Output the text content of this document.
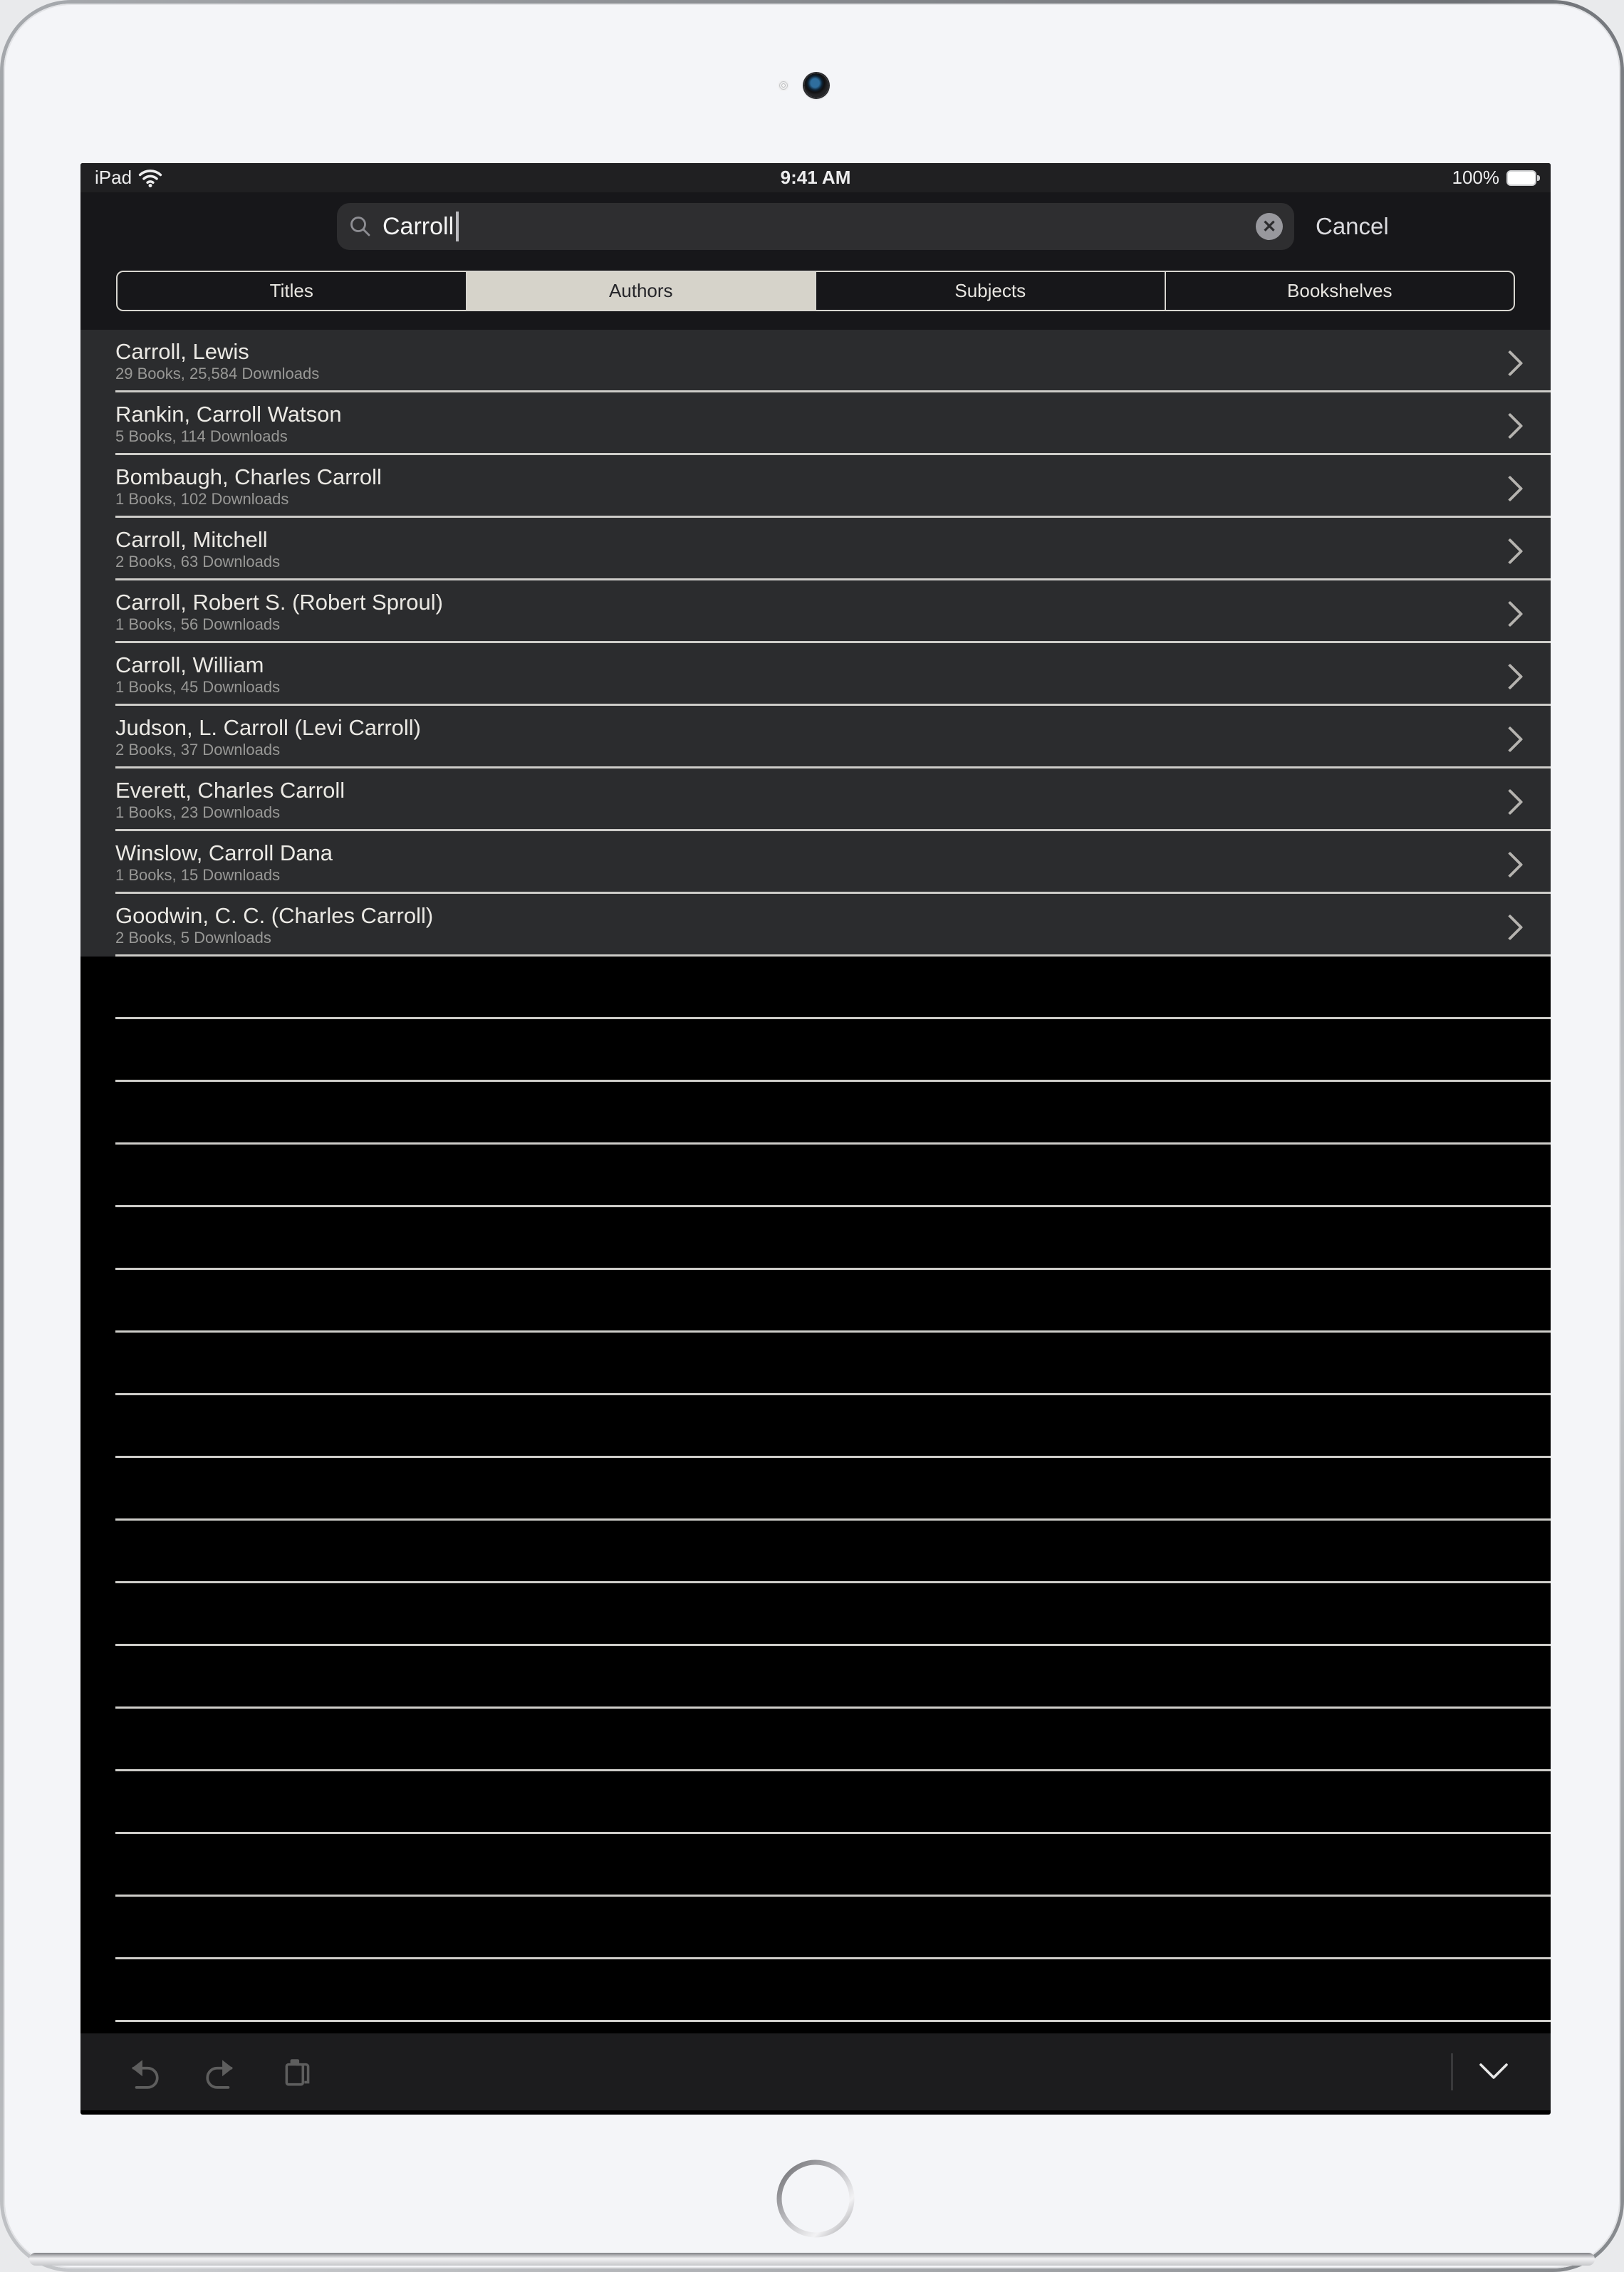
iPad	9:41 AM	100%
Carroll	✕ Cancel
Titles	Authors	Subjects	Bookshelves
Carroll, Lewis
29 Books, 25,584 Downloads
Rankin, Carroll Watson
5 Books, 114 Downloads
Bombaugh, Charles Carroll
1 Books, 102 Downloads
Carroll, Mitchell
2 Books, 63 Downloads
Carroll, Robert S. (Robert Sproul)
1 Books, 56 Downloads
Carroll, William
1 Books, 45 Downloads
Judson, L. Carroll (Levi Carroll)
2 Books, 37 Downloads
Everett, Charles Carroll
1 Books, 23 Downloads
Winslow, Carroll Dana
1 Books, 15 Downloads
Goodwin, C. C. (Charles Carroll)
2 Books, 5 Downloads
